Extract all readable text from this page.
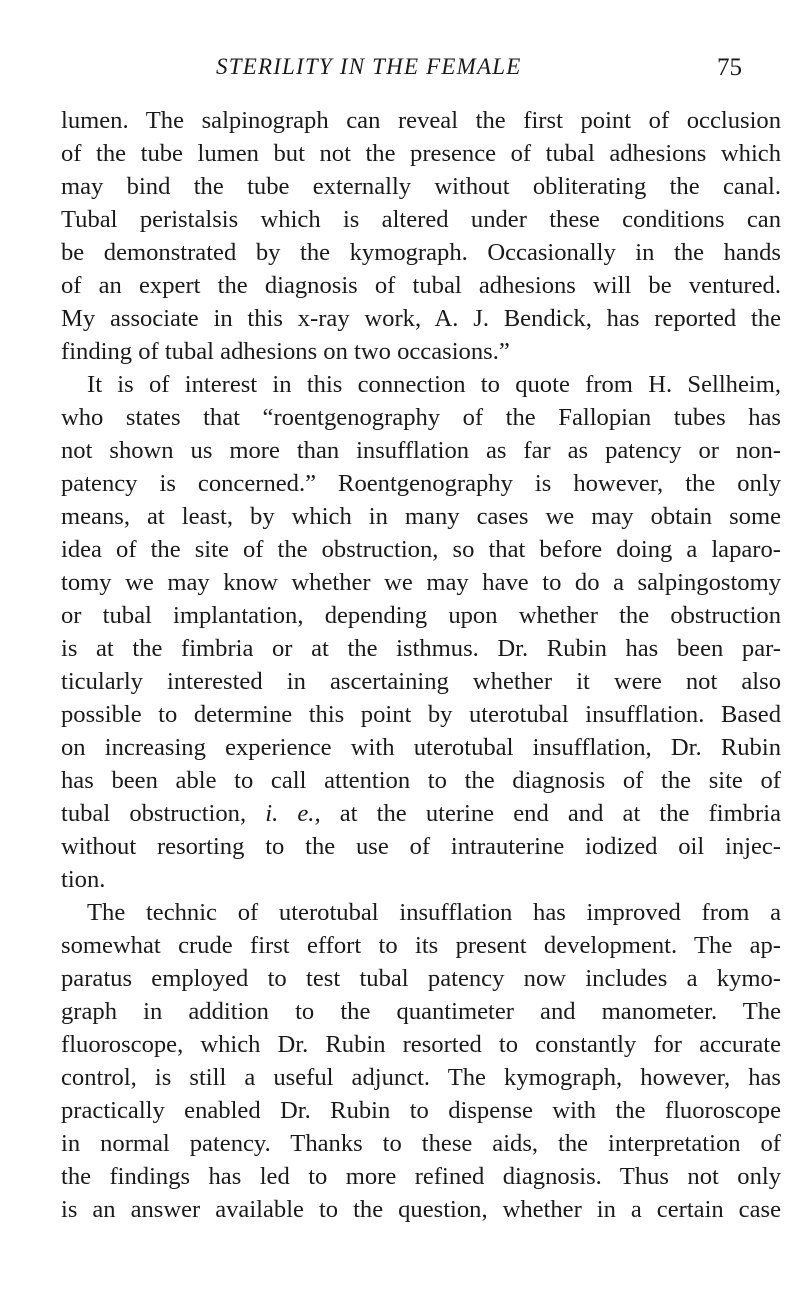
STERILITY IN THE FEMALE	75
lumen. The salpinograph can reveal the first point of occlusion
of the tube lumen but not the presence of tubal adhesions which
may bind the tube externally without obliterating the canal.
Tubal peristalsis which is altered under these conditions can
be demonstrated by the kymograph. Occasionally in the hands
of an expert the diagnosis of tubal adhesions will be ventured.
My associate in this x-ray work, A. J. Bendick, has reported the
finding of tubal adhesions on two occasions.”
It is of interest in this connection to quote from H. Sellheim,
who states that “roentgenography of the Fallopian tubes has
not shown us more than insufflation as far as patency or non-
patency is concerned.” Roentgenography is however, the only
means, at least, by which in many cases we may obtain some
idea of the site of the obstruction, so that before doing a laparo-
tomy we may know whether we may have to do a salpingostomy
or tubal implantation, depending upon whether the obstruction
is at the fimbria or at the isthmus. Dr. Rubin has been par-
ticularly interested in ascertaining whether it were not also
possible to determine this point by uterotubal insufflation. Based
on increasing experience with uterotubal insufflation, Dr. Rubin
has been able to call attention to the diagnosis of the site of
tubal obstruction, i. e., at the uterine end and at the fimbria
without resorting to the use of intrauterine iodized oil injec-
tion.
The technic of uterotubal insufflation has improved from a
somewhat crude first effort to its present development. The ap-
paratus employed to test tubal patency now includes a kymo-
graph in addition to the quantimeter and manometer. The
fluoroscope, which Dr. Rubin resorted to constantly for accurate
control, is still a useful adjunct. The kymograph, however, has
practically enabled Dr. Rubin to dispense with the fluoroscope
in normal patency. Thanks to these aids, the interpretation of
the findings has led to more refined diagnosis. Thus not only
is an answer available to the question, whether in a certain case
